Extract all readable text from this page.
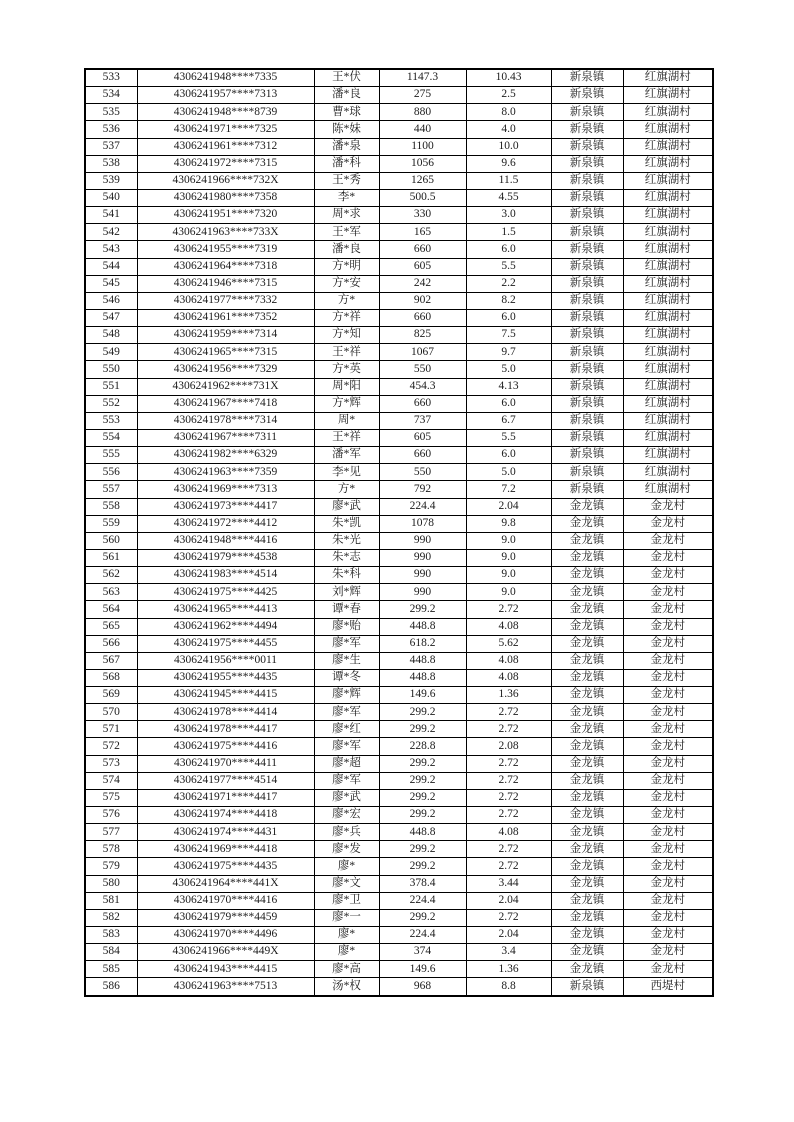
533	4306241948****7335	王*伏	1147.3	10.43	新泉镇	红旗湖村
534	4306241957****7313	潘*良	275	2.5	新泉镇	红旗湖村
535	4306241948****8739	曹*球	880	8.0	新泉镇	红旗湖村
536	4306241971****7325	陈*妹	440	4.0	新泉镇	红旗湖村
537	4306241961****7312	潘*泉	1100	10.0	新泉镇	红旗湖村
538	4306241972****7315	潘*科	1056	9.6	新泉镇	红旗湖村
539	4306241966****732X	王*秀	1265	11.5	新泉镇	红旗湖村
540	4306241980****7358	李*	500.5	4.55	新泉镇	红旗湖村
541	4306241951****7320	周*求	330	3.0	新泉镇	红旗湖村
542	4306241963****733X	王*军	165	1.5	新泉镇	红旗湖村
543	4306241955****7319	潘*良	660	6.0	新泉镇	红旗湖村
544	4306241964****7318	方*明	605	5.5	新泉镇	红旗湖村
545	4306241946****7315	方*安	242	2.2	新泉镇	红旗湖村
546	4306241977****7332	方*	902	8.2	新泉镇	红旗湖村
547	4306241961****7352	方*祥	660	6.0	新泉镇	红旗湖村
548	4306241959****7314	方*知	825	7.5	新泉镇	红旗湖村
549	4306241965****7315	王*祥	1067	9.7	新泉镇	红旗湖村
550	4306241956****7329	方*英	550	5.0	新泉镇	红旗湖村
551	4306241962****731X	周*阳	454.3	4.13	新泉镇	红旗湖村
552	4306241967****7418	方*辉	660	6.0	新泉镇	红旗湖村
553	4306241978****7314	周*	737	6.7	新泉镇	红旗湖村
554	4306241967****7311	王*祥	605	5.5	新泉镇	红旗湖村
555	4306241982****6329	潘*军	660	6.0	新泉镇	红旗湖村
556	4306241963****7359	李*见	550	5.0	新泉镇	红旗湖村
557	4306241969****7313	方*	792	7.2	新泉镇	红旗湖村
558	4306241973****4417	廖*武	224.4	2.04	金龙镇	金龙村
559	4306241972****4412	朱*凯	1078	9.8	金龙镇	金龙村
560	4306241948****4416	朱*光	990	9.0	金龙镇	金龙村
561	4306241979****4538	朱*志	990	9.0	金龙镇	金龙村
562	4306241983****4514	朱*科	990	9.0	金龙镇	金龙村
563	4306241975****4425	刘*辉	990	9.0	金龙镇	金龙村
564	4306241965****4413	谭*春	299.2	2.72	金龙镇	金龙村
565	4306241962****4494	廖*贻	448.8	4.08	金龙镇	金龙村
566	4306241975****4455	廖*军	618.2	5.62	金龙镇	金龙村
567	4306241956****0011	廖*生	448.8	4.08	金龙镇	金龙村
568	4306241955****4435	谭*冬	448.8	4.08	金龙镇	金龙村
569	4306241945****4415	廖*辉	149.6	1.36	金龙镇	金龙村
570	4306241978****4414	廖*军	299.2	2.72	金龙镇	金龙村
571	4306241978****4417	廖*红	299.2	2.72	金龙镇	金龙村
572	4306241975****4416	廖*军	228.8	2.08	金龙镇	金龙村
573	4306241970****4411	廖*超	299.2	2.72	金龙镇	金龙村
574	4306241977****4514	廖*军	299.2	2.72	金龙镇	金龙村
575	4306241971****4417	廖*武	299.2	2.72	金龙镇	金龙村
576	4306241974****4418	廖*宏	299.2	2.72	金龙镇	金龙村
577	4306241974****4431	廖*兵	448.8	4.08	金龙镇	金龙村
578	4306241969****4418	廖*发	299.2	2.72	金龙镇	金龙村
579	4306241975****4435	廖*	299.2	2.72	金龙镇	金龙村
580	4306241964****441X	廖*文	378.4	3.44	金龙镇	金龙村
581	4306241970****4416	廖*卫	224.4	2.04	金龙镇	金龙村
582	4306241979****4459	廖*一	299.2	2.72	金龙镇	金龙村
583	4306241970****4496	廖*	224.4	2.04	金龙镇	金龙村
584	4306241966****449X	廖*	374	3.4	金龙镇	金龙村
585	4306241943****4415	廖*高	149.6	1.36	金龙镇	金龙村
586	4306241963****7513	汤*权	968	8.8	新泉镇	西堤村
